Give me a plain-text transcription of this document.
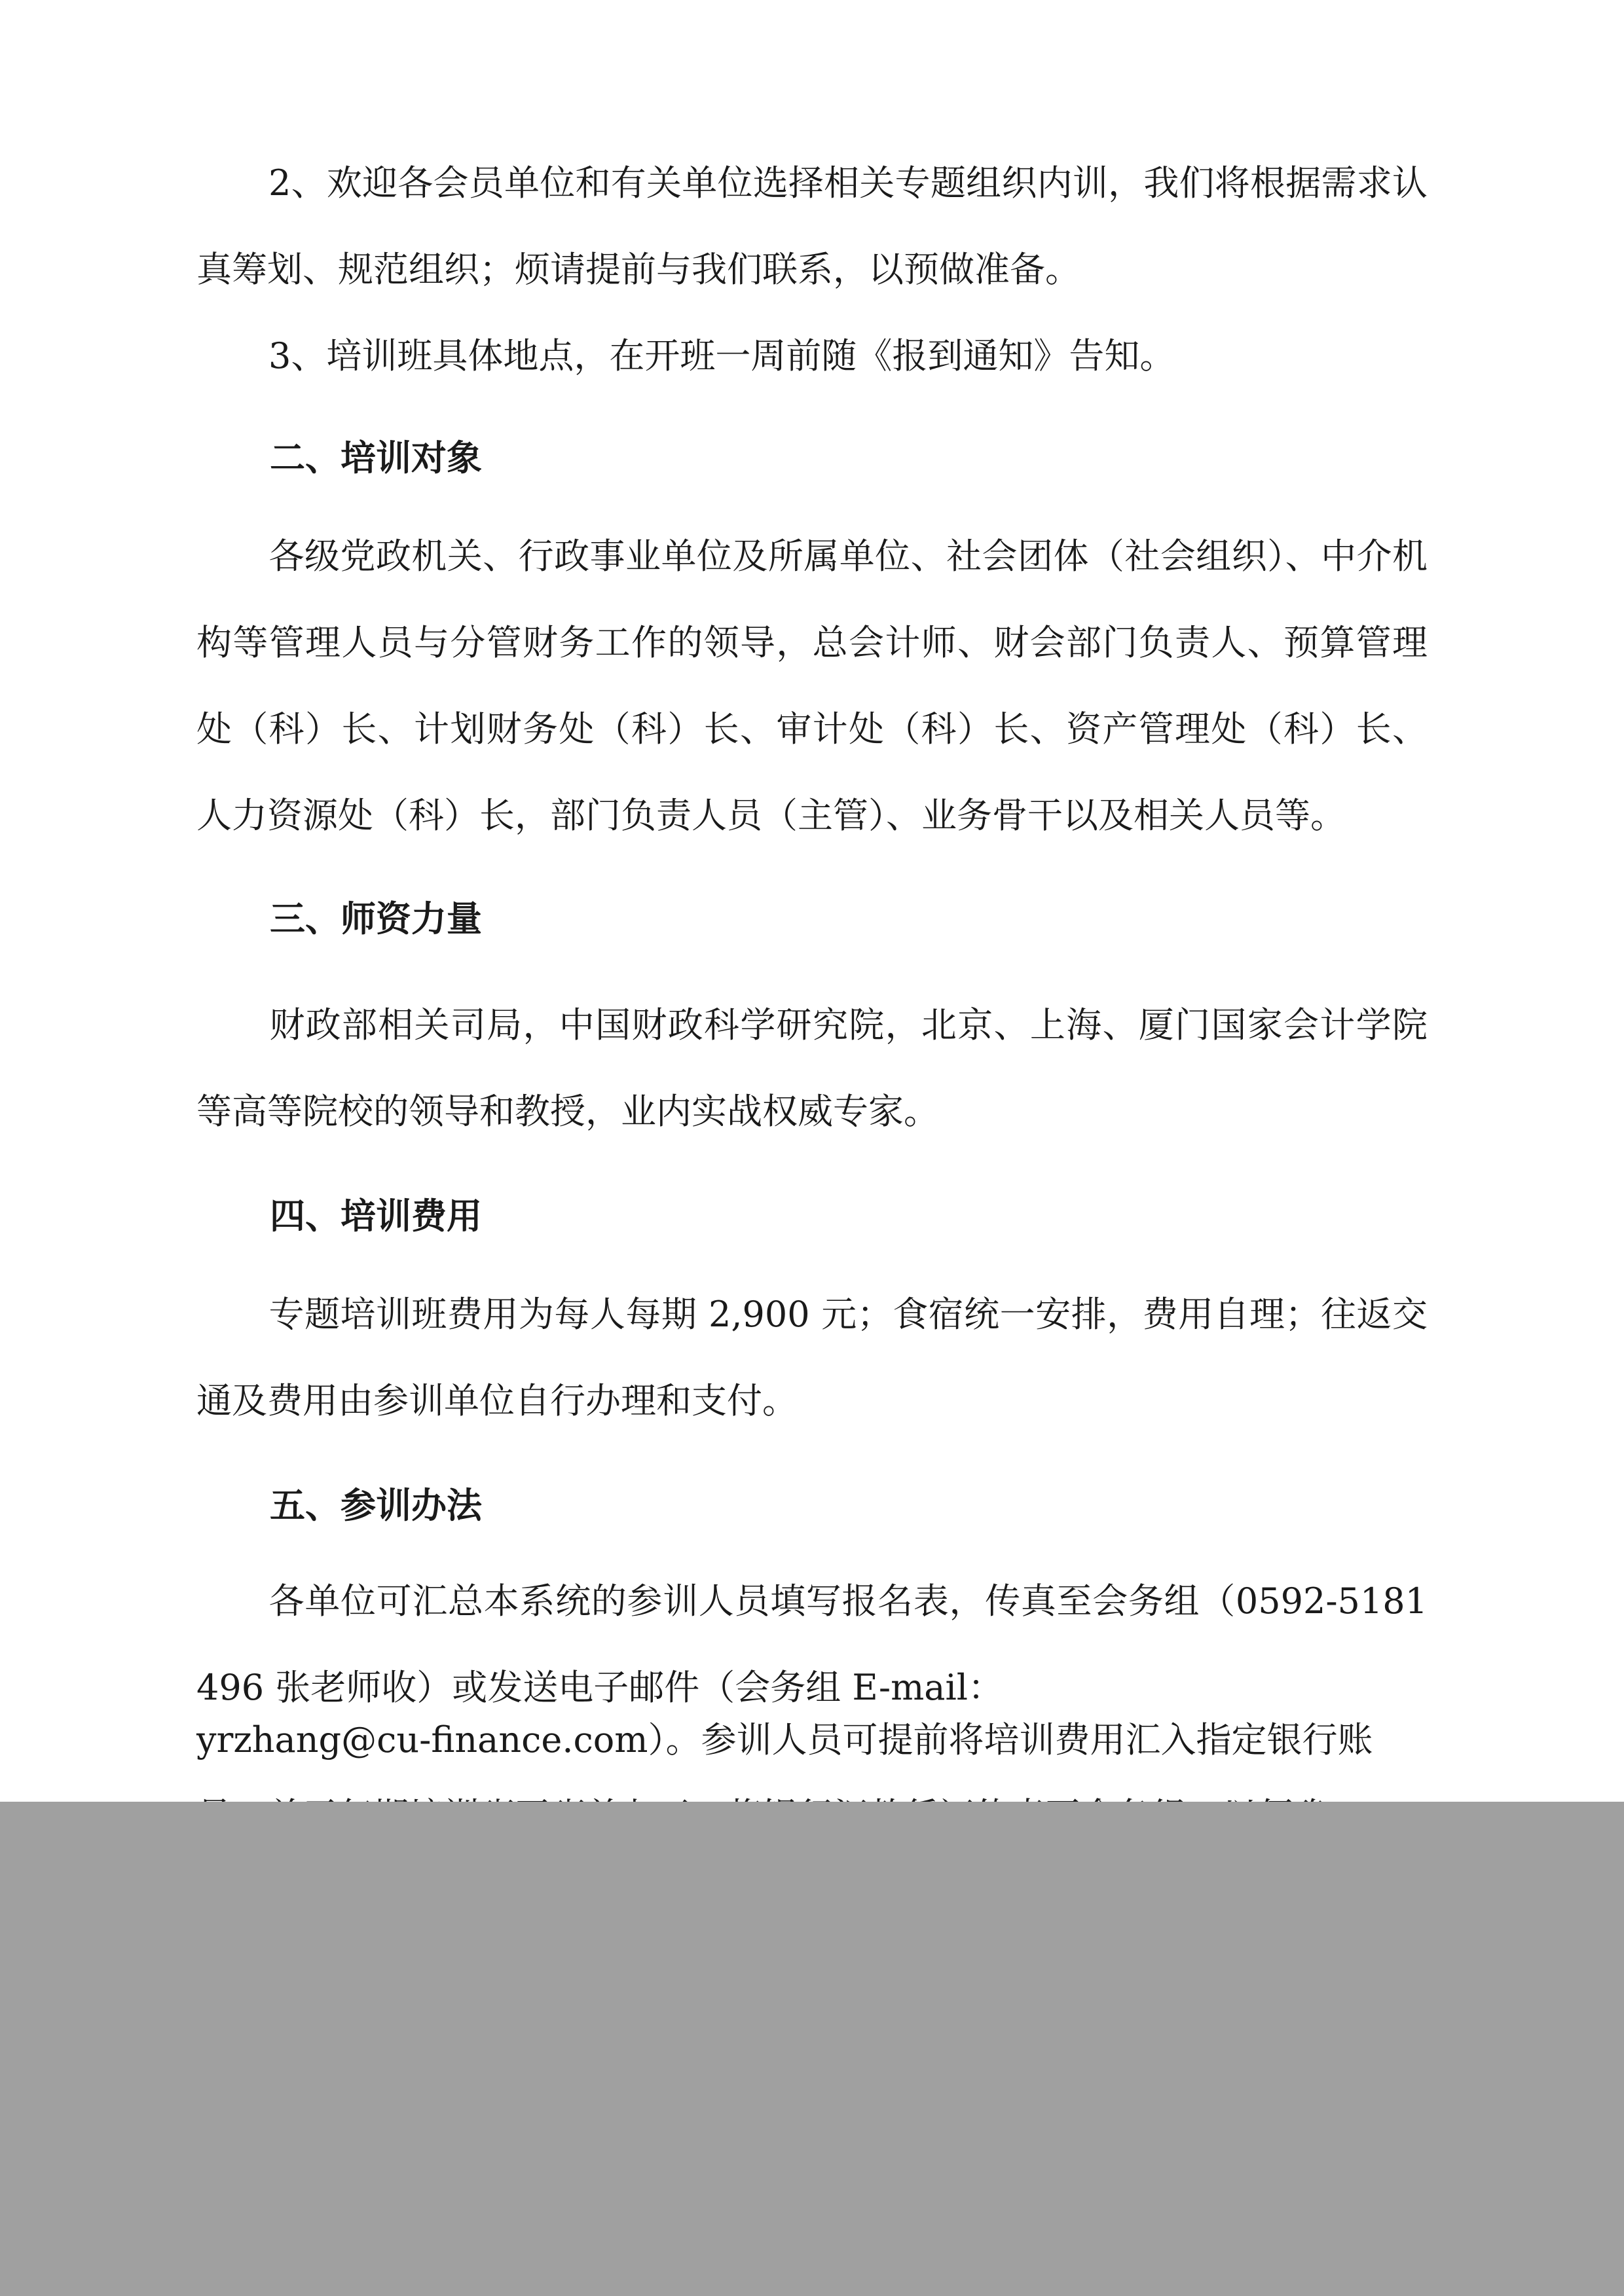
2、欢迎各会员单位和有关单位选择相关专题组织内训，我们将根据需求认真筹划、规范组织；烦请提前与我们联系，以预做准备。

3、培训班具体地点，在开班一周前随《报到通知》告知。

二、培训对象

各级党政机关、行政事业单位及所属单位、社会团体（社会组织）、中介机构等管理人员与分管财务工作的领导，总会计师、财会部门负责人、预算管理处（科）长、计划财务处（科）长、审计处（科）长、资产管理处（科）长、人力资源处（科）长，部门负责人员（主管）、业务骨干以及相关人员等。

三、师资力量

财政部相关司局，中国财政科学研究院，北京、上海、厦门国家会计学院等高等院校的领导和教授，业内实战权威专家。

四、培训费用

专题培训班费用为每人每期 2,900 元；食宿统一安排，费用自理；往返交通及费用由参训单位自行办理和支付。

五、参训办法

各单位可汇总本系统的参训人员填写报名表，传真至会务组（0592-5181496 张老师收）或发送电子邮件（会务组 E-mail：

yrzhang@cu-finance.com）。参训人员可提前将培训费用汇入指定银行账
